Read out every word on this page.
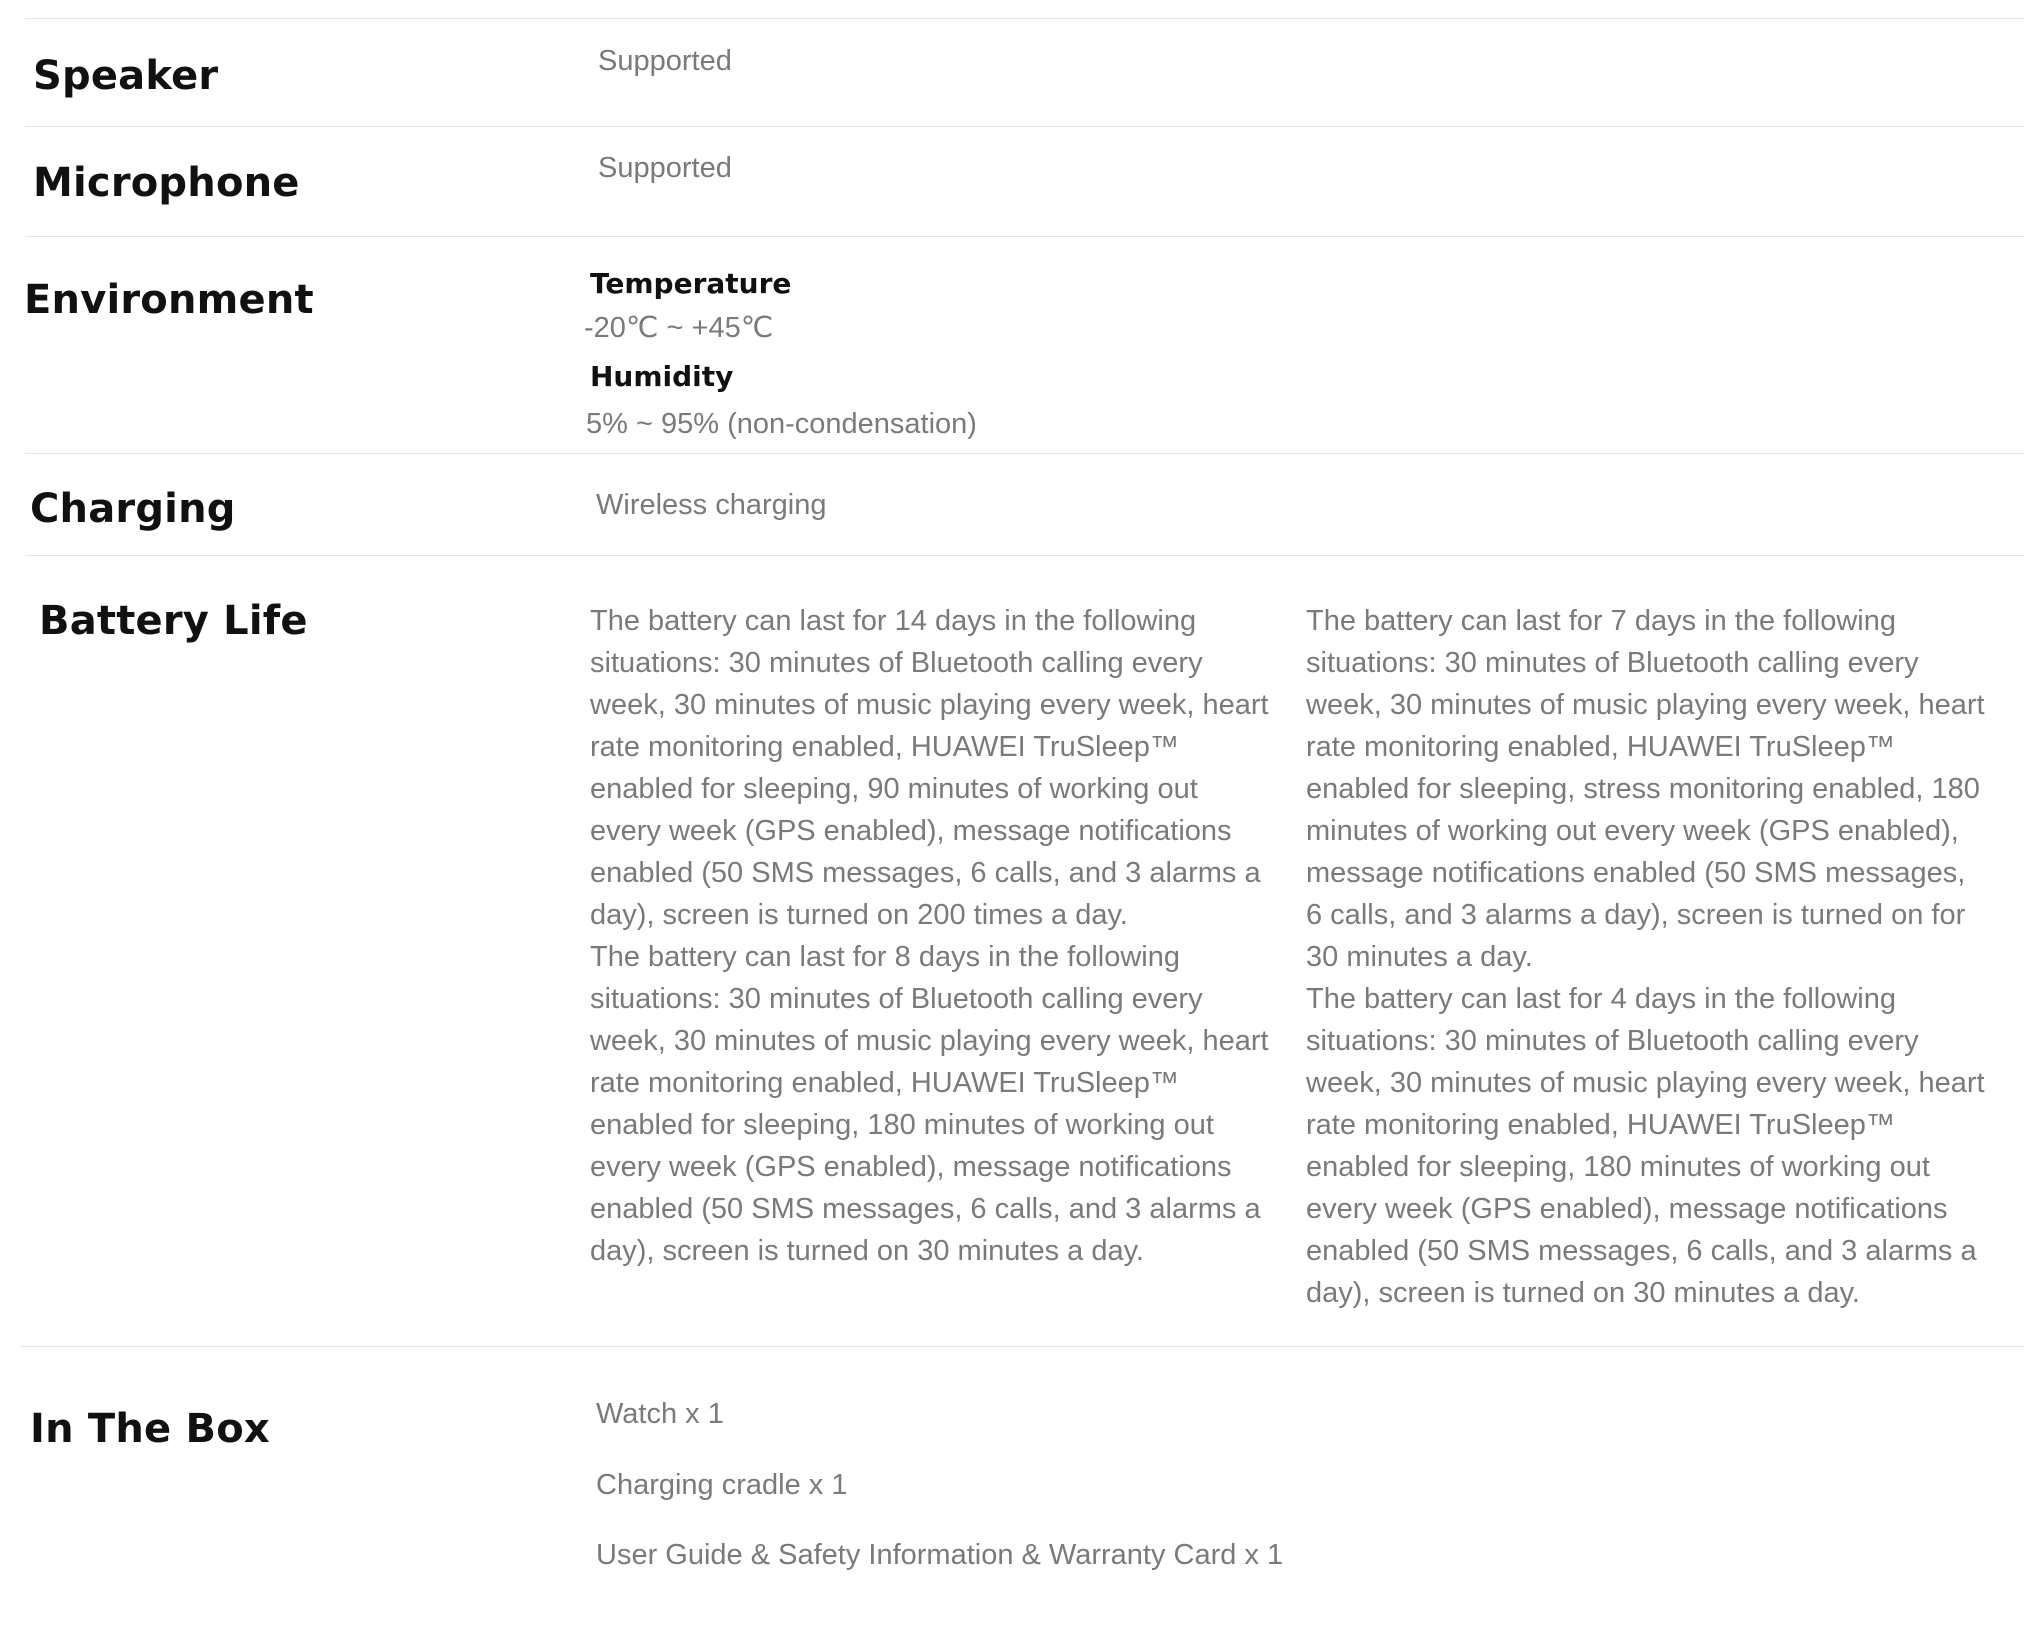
Speaker	Supported
Microphone	Supported
Environment	Temperature
-20℃ ~ +45℃
Humidity
5% ~ 95% (non-condensation)
Charging	Wireless charging
Battery Life	The battery can last for 14 days in the following situations: 30 minutes of Bluetooth calling every week, 30 minutes of music playing every week, heart rate monitoring enabled, HUAWEI TruSleep™ enabled for sleeping, 90 minutes of working out every week (GPS enabled), message notifications enabled (50 SMS messages, 6 calls, and 3 alarms a day), screen is turned on 200 times a day.

The battery can last for 8 days in the following situations: 30 minutes of Bluetooth calling every week, 30 minutes of music playing every week, heart rate monitoring enabled, HUAWEI TruSleep™ enabled for sleeping, 180 minutes of working out every week (GPS enabled), message notifications enabled (50 SMS messages, 6 calls, and 3 alarms a day), screen is turned on 30 minutes a day.

The battery can last for 7 days in the following situations: 30 minutes of Bluetooth calling every week, 30 minutes of music playing every week, heart rate monitoring enabled, HUAWEI TruSleep™ enabled for sleeping, stress monitoring enabled, 180 minutes of working out every week (GPS enabled), message notifications enabled (50 SMS messages, 6 calls, and 3 alarms a day), screen is turned on for 30 minutes a day.

The battery can last for 4 days in the following situations: 30 minutes of Bluetooth calling every week, 30 minutes of music playing every week, heart rate monitoring enabled, HUAWEI TruSleep™ enabled for sleeping, 180 minutes of working out every week (GPS enabled), message notifications enabled (50 SMS messages, 6 calls, and 3 alarms a day), screen is turned on 30 minutes a day.

In The Box	Watch x 1
Charging cradle x 1
User Guide & Safety Information & Warranty Card x 1
